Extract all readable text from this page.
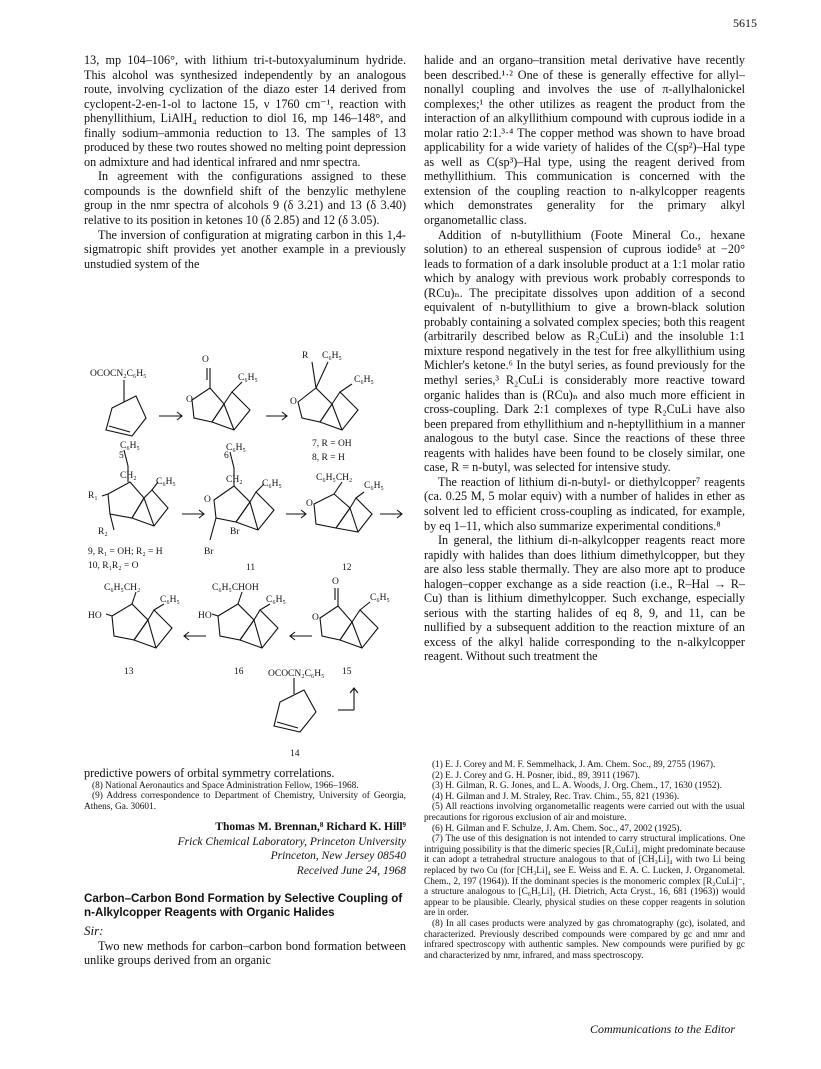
5615

13, mp 104–106°, with lithium tri-t-butoxyaluminum hydride. This alcohol was synthesized independently by an analogous route, involving cyclization of the diazo ester 14 derived from cyclopent-2-en-1-ol to lactone 15, ν 1760 cm⁻¹, reaction with phenyllithium, LiAlH₄ reduction to diol 16, mp 146–148°, and finally sodium–ammonia reduction to 13. The samples of 13 produced by these two routes showed no melting point depression on admixture and had identical infrared and nmr spectra.

In agreement with the configurations assigned to these compounds is the downfield shift of the benzylic methylene group in the nmr spectra of alcohols 9 (δ 3.21) and 13 (δ 3.40) relative to its position in ketones 10 (δ 2.85) and 12 (δ 3.05).

The inversion of configuration at migrating carbon in this 1,4-sigmatropic shift provides yet another example in a previously unstudied system of the

OCOCN₂C₆H₅
O
O
C₆H₅
R C₆H₅
O
C₆H₅
5	6
7, R = OH
8, R = H
C₆H₅
CH₂
C₆H₅
R₁
R₂
9, R₁ = OH; R₂ = H
10, R₁R₂ = O
C₆H₅
CH₂ C₆H₅
O
Br
Br
11
C₆H₅CH₂
C₆H₅
O
12
C₆H₅CH₂
C₆H₅
HO
13
C₆H₅CHOH
C₆H₅
HO
16
O
O
C₆H₅
15
OCOCN₂C₆H₅
14

predictive powers of orbital symmetry correlations.

(8) National Aeronautics and Space Administration Fellow, 1966–1968.

(9) Address correspondence to Department of Chemistry, University of Georgia, Athens, Ga. 30601.

Thomas M. Brennan,⁸ Richard K. Hill⁹
Frick Chemical Laboratory, Princeton University
Princeton, New Jersey 08540
Received June 24, 1968
Carbon–Carbon Bond Formation by Selective Coupling of n-Alkylcopper Reagents with Organic Halides
Sir:

Two new methods for carbon–carbon bond formation between unlike groups derived from an organic

halide and an organo–transition metal derivative have recently been described.¹·² One of these is generally effective for allyl–nonallyl coupling and involves the use of π-allylhalonickel complexes;¹ the other utilizes as reagent the product from the interaction of an alkyllithium compound with cuprous iodide in a molar ratio 2:1.³·⁴ The copper method was shown to have broad applicability for a wide variety of halides of the C(sp²)–Hal type as well as C(sp³)–Hal type, using the reagent derived from methyllithium. This communication is concerned with the extension of the coupling reaction to n-alkylcopper reagents which demonstrates generality for the primary alkyl organometallic class.

Addition of n-butyllithium (Foote Mineral Co., hexane solution) to an ethereal suspension of cuprous iodide⁵ at −20° leads to formation of a dark insoluble product at a 1:1 molar ratio which by analogy with previous work probably corresponds to (RCu)ₙ. The precipitate dissolves upon addition of a second equivalent of n-butyllithium to give a brown-black solution probably containing a solvated complex species; both this reagent (arbitrarily described below as R₂CuLi) and the insoluble 1:1 mixture respond negatively in the test for free alkyllithium using Michler's ketone.⁶ In the butyl series, as found previously for the methyl series,³ R₂CuLi is considerably more reactive toward organic halides than is (RCu)ₙ and also much more efficient in cross-coupling. Dark 2:1 complexes of type R₂CuLi have also been prepared from ethyllithium and n-heptyllithium in a manner analogous to the butyl case. Since the reactions of these three reagents with halides have been found to be closely similar, one case, R = n-butyl, was selected for intensive study.

The reaction of lithium di-n-butyl- or diethylcopper⁷ reagents (ca. 0.25 M, 5 molar equiv) with a number of halides in ether as solvent led to efficient cross-coupling as indicated, for example, by eq 1–11, which also summarize experimental conditions.⁸

In general, the lithium di-n-alkylcopper reagents react more rapidly with halides than does lithium dimethylcopper, but they are also less stable thermally. They are also more apt to produce halogen–copper exchange as a side reaction (i.e., R–Hal → R–Cu) than is lithium dimethylcopper. Such exchange, especially serious with the starting halides of eq 8, 9, and 11, can be nullified by a subsequent addition to the reaction mixture of an excess of the alkyl halide corresponding to the n-alkylcopper reagent. Without such treatment the

(1) E. J. Corey and M. F. Semmelhack, J. Am. Chem. Soc., 89, 2755 (1967).

(2) E. J. Corey and G. H. Posner, ibid., 89, 3911 (1967).

(3) H. Gilman, R. G. Jones, and L. A. Woods, J. Org. Chem., 17, 1630 (1952).

(4) H. Gilman and J. M. Straley, Rec. Trav. Chim., 55, 821 (1936).

(5) All reactions involving organometallic reagents were carried out with the usual precautions for rigorous exclusion of air and moisture.

(6) H. Gilman and F. Schulze, J. Am. Chem. Soc., 47, 2002 (1925).

(7) The use of this designation is not intended to carry structural implications. One intriguing possibility is that the dimeric species [R₂CuLi]₂ might predominate because it can adopt a tetrahedral structure analogous to that of [CH₃Li]₄ with two Li being replaced by two Cu (for [CH₃Li]₄ see E. Weiss and E. A. C. Lucken, J. Organometal. Chem., 2, 197 (1964)). If the dominant species is the monomeric complex [R₂CuLi]⁻, a structure analogous to [C₆H₅Li]₂ (H. Dietrich, Acta Cryst., 16, 681 (1963)) would appear to be plausible. Clearly, physical studies on these copper reagents in solution are in order.

(8) In all cases products were analyzed by gas chromatography (gc), isolated, and characterized. Previously described compounds were compared by gc and nmr and infrared spectroscopy with authentic samples. New compounds were purified by gc and characterized by nmr, infrared, and mass spectroscopy.

Communications to the Editor
